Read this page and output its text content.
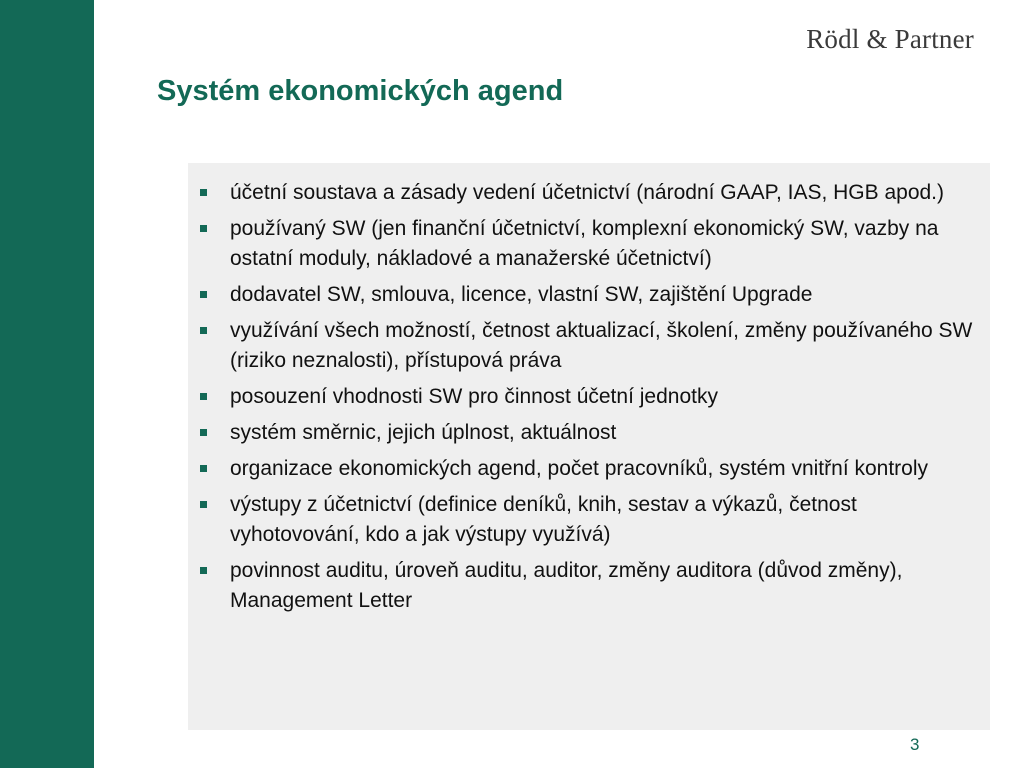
Rödl & Partner
Systém ekonomických agend
účetní soustava a zásady vedení účetnictví (národní GAAP, IAS, HGB apod.)
používaný SW (jen finanční účetnictví, komplexní ekonomický SW, vazby na ostatní moduly, nákladové a manažerské účetnictví)
dodavatel SW, smlouva, licence, vlastní SW, zajištění Upgrade
využívání všech možností, četnost aktualizací, školení, změny používaného SW (riziko neznalosti), přístupová práva
posouzení vhodnosti SW pro činnost účetní jednotky
systém směrnic, jejich úplnost, aktuálnost
organizace ekonomických agend, počet pracovníků, systém vnitřní kontroly
výstupy z účetnictví (definice deníků, knih, sestav a výkazů, četnost vyhotovování, kdo a jak výstupy využívá)
povinnost auditu, úroveň auditu, auditor, změny auditora (důvod změny), Management Letter
3
